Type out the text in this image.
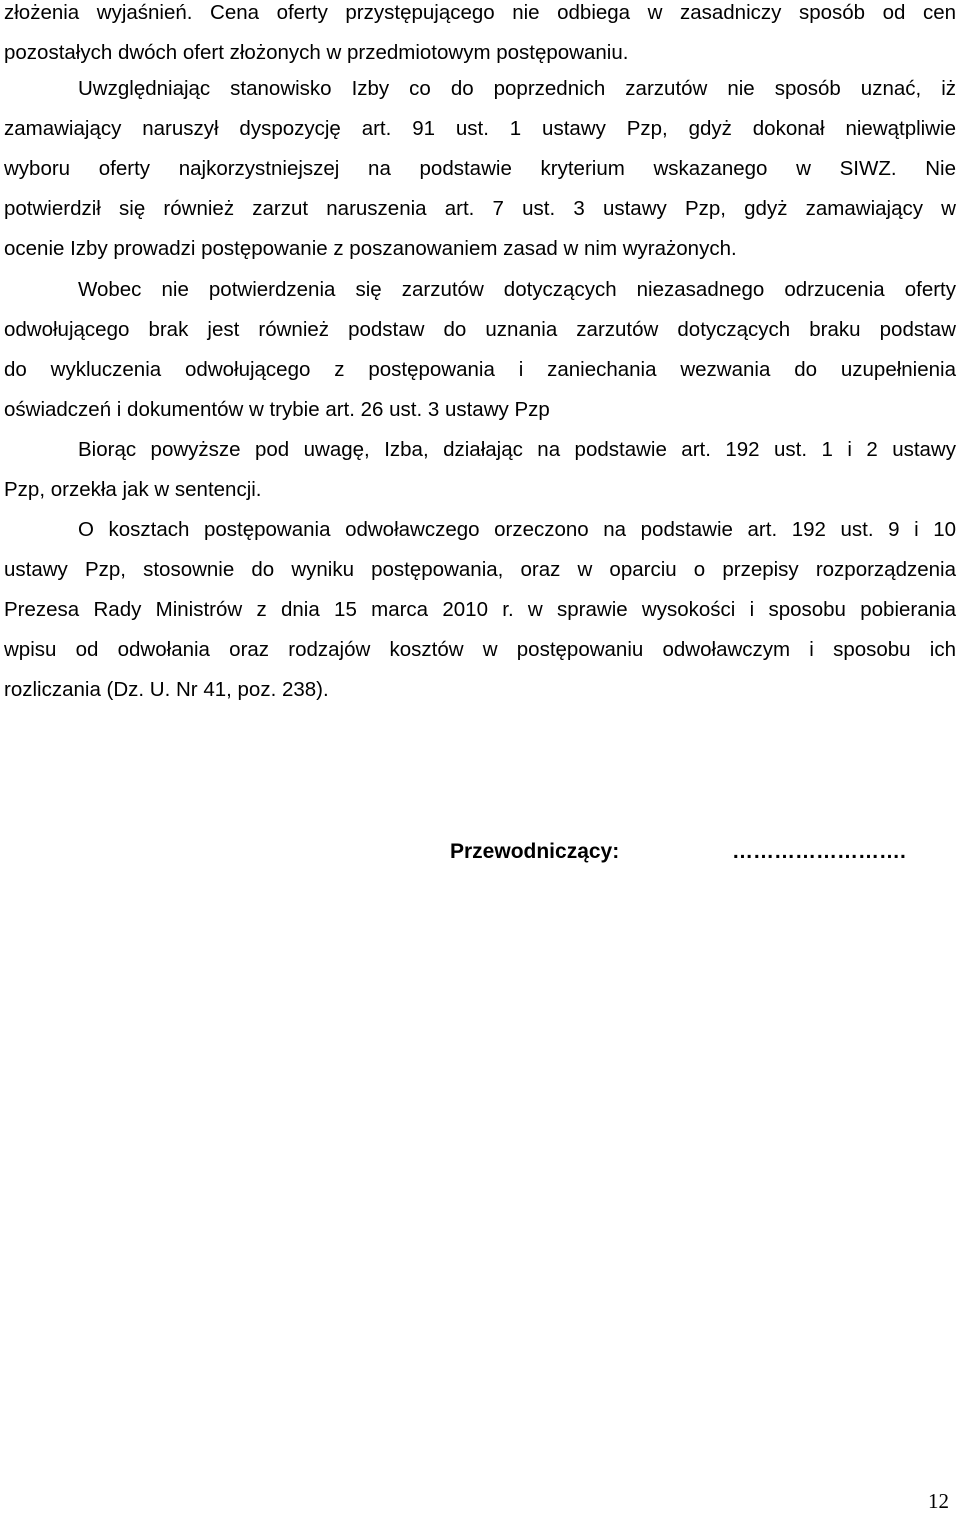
złożenia wyjaśnień. Cena oferty przystępującego nie odbiega w zasadniczy sposób od cen
pozostałych dwóch ofert złożonych w przedmiotowym postępowaniu.
Uwzględniając stanowisko Izby co do poprzednich zarzutów nie sposób uznać, iż
zamawiający naruszył dyspozycję art. 91 ust. 1 ustawy Pzp, gdyż dokonał niewątpliwie
wyboru oferty najkorzystniejszej na podstawie kryterium wskazanego w SIWZ. Nie
potwierdził się również zarzut naruszenia art. 7 ust. 3 ustawy Pzp, gdyż zamawiający w
ocenie Izby prowadzi postępowanie z poszanowaniem zasad w nim wyrażonych.
Wobec nie potwierdzenia się zarzutów dotyczących niezasadnego odrzucenia oferty
odwołującego brak jest również podstaw do uznania zarzutów dotyczących braku podstaw
do wykluczenia odwołującego z postępowania i zaniechania wezwania do uzupełnienia
oświadczeń i dokumentów w trybie art. 26 ust. 3 ustawy Pzp
Biorąc powyższe pod uwagę, Izba, działając na podstawie art. 192 ust. 1 i 2 ustawy
Pzp, orzekła jak w sentencji.
O kosztach postępowania odwoławczego orzeczono na podstawie art. 192 ust. 9 i 10
ustawy Pzp, stosownie do wyniku postępowania, oraz w oparciu o przepisy rozporządzenia
Prezesa Rady Ministrów z dnia 15 marca 2010 r. w sprawie wysokości i sposobu pobierania
wpisu od odwołania oraz rodzajów kosztów w postępowaniu odwoławczym i sposobu ich
rozliczania (Dz. U. Nr 41, poz. 238).
Przewodniczący:	…………………….
12
